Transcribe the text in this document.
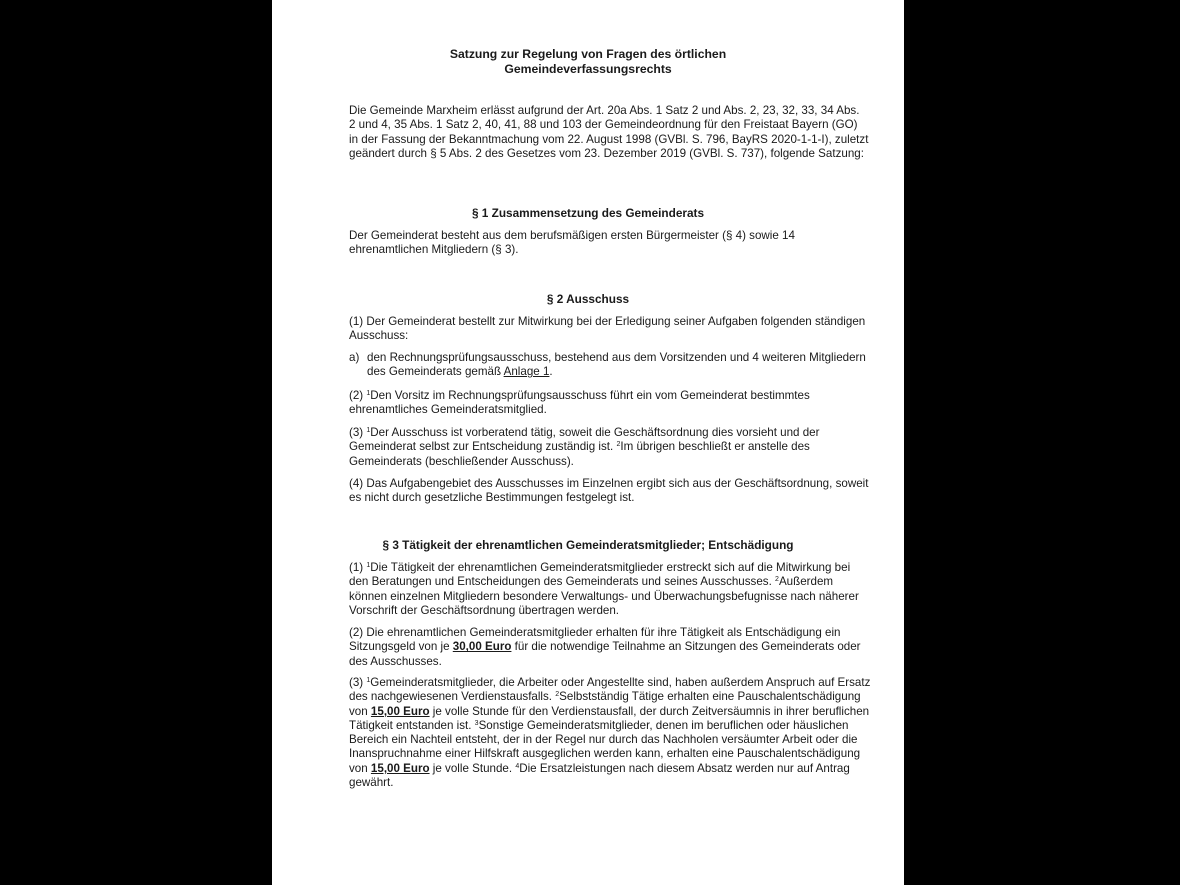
Satzung zur Regelung von Fragen des örtlichen
Gemeindeverfassungsrechts

Die Gemeinde Marxheim erlässt aufgrund der Art. 20a Abs. 1 Satz 2 und Abs. 2, 23, 32, 33, 34 Abs. 2 und 4, 35 Abs. 1 Satz 2, 40, 41, 88 und 103 der Gemeindeordnung für den Freistaat Bayern (GO) in der Fassung der Bekanntmachung vom 22. August 1998 (GVBl. S. 796, BayRS 2020-1-1-I), zuletzt geändert durch § 5 Abs. 2 des Gesetzes vom 23. Dezember 2019 (GVBl. S. 737), folgende Satzung:

§ 1 Zusammensetzung des Gemeinderats

Der Gemeinderat besteht aus dem berufsmäßigen ersten Bürgermeister (§ 4) sowie 14 ehrenamtlichen Mitgliedern (§ 3).

§ 2 Ausschuss

(1) Der Gemeinderat bestellt zur Mitwirkung bei der Erledigung seiner Aufgaben folgenden ständigen Ausschuss:

a) den Rechnungsprüfungsausschuss, bestehend aus dem Vorsitzenden und 4 weiteren Mitgliedern des Gemeinderats gemäß Anlage 1.

(2) $^1$Den Vorsitz im Rechnungsprüfungsausschuss führt ein vom Gemeinderat bestimmtes ehrenamtliches Gemeinderatsmitglied.

(3) $^1$Der Ausschuss ist vorberatend tätig, soweit die Geschäftsordnung dies vorsieht und der Gemeinderat selbst zur Entscheidung zuständig ist. $^2$Im übrigen beschließt er anstelle des Gemeinderats (beschließender Ausschuss).

(4) Das Aufgabengebiet des Ausschusses im Einzelnen ergibt sich aus der Geschäftsordnung, soweit es nicht durch gesetzliche Bestimmungen festgelegt ist.

§ 3 Tätigkeit der ehrenamtlichen Gemeinderatsmitglieder; Entschädigung

(1) $^1$Die Tätigkeit der ehrenamtlichen Gemeinderatsmitglieder erstreckt sich auf die Mitwirkung bei den Beratungen und Entscheidungen des Gemeinderats und seines Ausschusses. $^2$Außerdem können einzelnen Mitgliedern besondere Verwaltungs- und Überwachungsbefugnisse nach näherer Vorschrift der Geschäftsordnung übertragen werden.

(2) Die ehrenamtlichen Gemeinderatsmitglieder erhalten für ihre Tätigkeit als Entschädigung ein Sitzungsgeld von je 30,00 Euro für die notwendige Teilnahme an Sitzungen des Gemeinderats oder des Ausschusses.

(3) $^1$Gemeinderatsmitglieder, die Arbeiter oder Angestellte sind, haben außerdem Anspruch auf Ersatz des nachgewiesenen Verdienstausfalls. $^2$Selbstständig Tätige erhalten eine Pauschalentschädigung von 15,00 Euro je volle Stunde für den Verdienstausfall, der durch Zeitversäumnis in ihrer beruflichen Tätigkeit entstanden ist. $^3$Sonstige Gemeinderatsmitglieder, denen im beruflichen oder häuslichen Bereich ein Nachteil entsteht, der in der Regel nur durch das Nachholen versäumter Arbeit oder die Inanspruchnahme einer Hilfskraft ausgeglichen werden kann, erhalten eine Pauschalentschädigung von 15,00 Euro je volle Stunde. $^4$Die Ersatzleistungen nach diesem Absatz werden nur auf Antrag gewährt.
